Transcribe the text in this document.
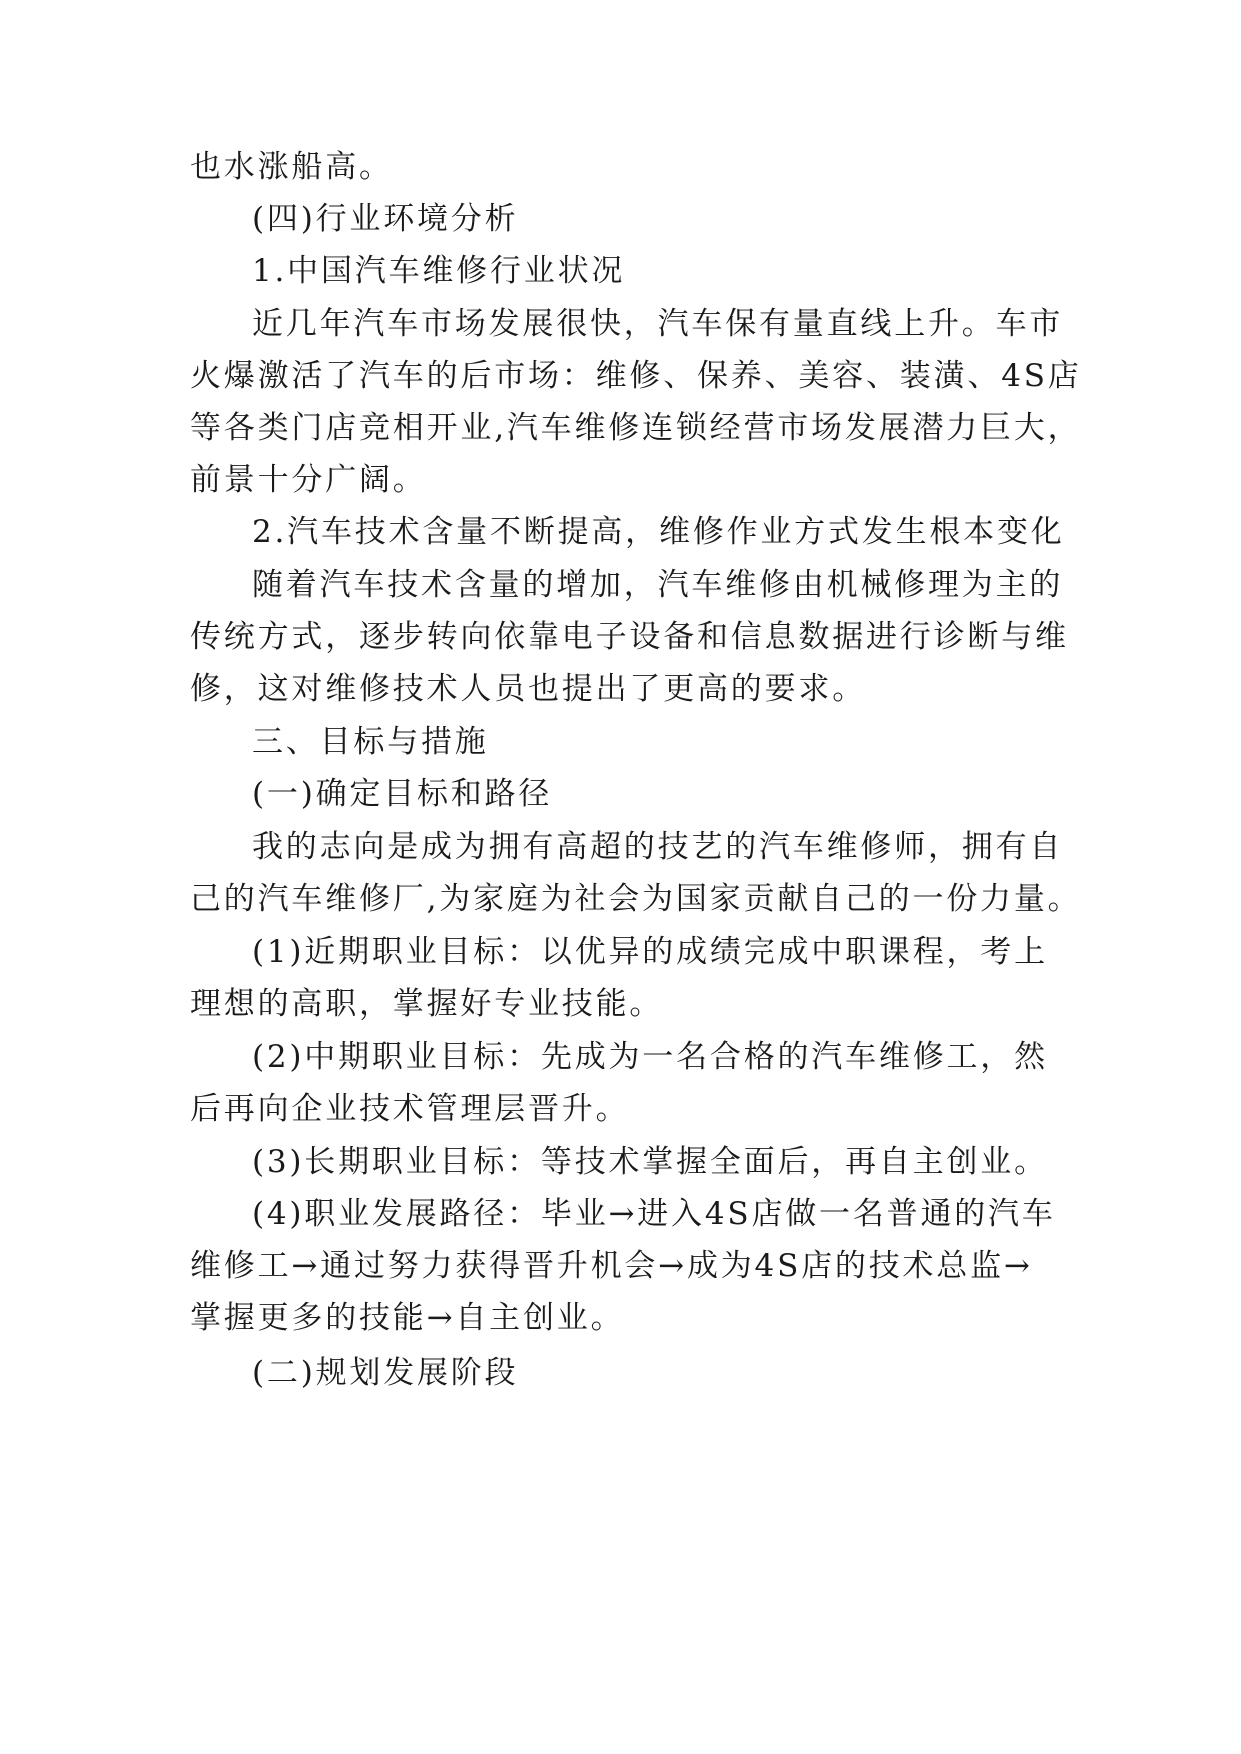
也水涨船高。

(四)行业环境分析

1.中国汽车维修行业状况

近几年汽车市场发展很快，汽车保有量直线上升。车市

火爆激活了汽车的后市场：维修、保养、美容、装潢、4S店

等各类门店竞相开业,汽车维修连锁经营市场发展潜力巨大，

前景十分广阔。

2.汽车技术含量不断提高，维修作业方式发生根本变化

随着汽车技术含量的增加，汽车维修由机械修理为主的

传统方式，逐步转向依靠电子设备和信息数据进行诊断与维

修，这对维修技术人员也提出了更高的要求。

三、目标与措施

(一)确定目标和路径

我的志向是成为拥有高超的技艺的汽车维修师，拥有自

己的汽车维修厂,为家庭为社会为国家贡献自己的一份力量。

(1)近期职业目标：以优异的成绩完成中职课程，考上

理想的高职，掌握好专业技能。

(2)中期职业目标：先成为一名合格的汽车维修工，然

后再向企业技术管理层晋升。

(3)长期职业目标：等技术掌握全面后，再自主创业。

(4)职业发展路径：毕业→进入4S店做一名普通的汽车

维修工→通过努力获得晋升机会→成为4S店的技术总监→

掌握更多的技能→自主创业。

(二)规划发展阶段
